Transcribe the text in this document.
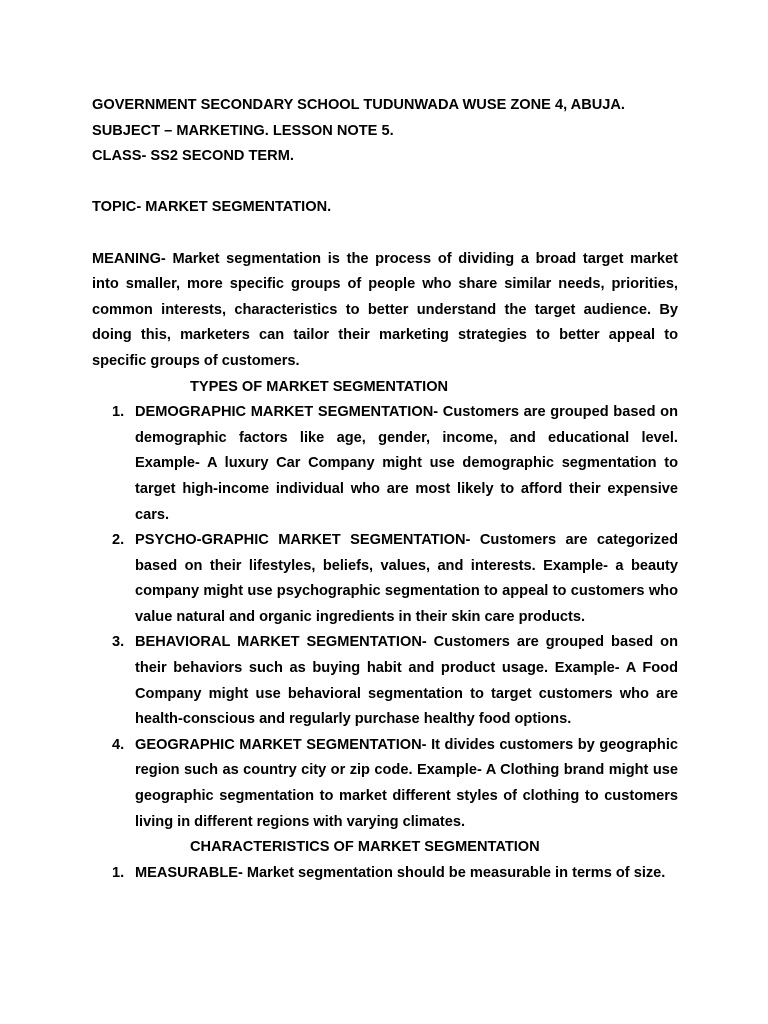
GOVERNMENT SECONDARY SCHOOL TUDUNWADA WUSE ZONE 4, ABUJA.

SUBJECT – MARKETING. LESSON NOTE 5.

CLASS- SS2 SECOND TERM.

TOPIC- MARKET SEGMENTATION.

MEANING- Market segmentation is the process of dividing a broad target market into smaller, more specific groups of people who share similar needs, priorities, common interests, characteristics to better understand the target audience. By doing this, marketers can tailor their marketing strategies to better appeal to specific groups of customers.

TYPES OF MARKET SEGMENTATION

1. DEMOGRAPHIC MARKET SEGMENTATION- Customers are grouped based on demographic factors like age, gender, income, and educational level. Example- A luxury Car Company might use demographic segmentation to target high-income individual who are most likely to afford their expensive cars.
2. PSYCHO-GRAPHIC MARKET SEGMENTATION- Customers are categorized based on their lifestyles, beliefs, values, and interests. Example- a beauty company might use psychographic segmentation to appeal to customers who value natural and organic ingredients in their skin care products.
3. BEHAVIORAL MARKET SEGMENTATION- Customers are grouped based on their behaviors such as buying habit and product usage. Example- A Food Company might use behavioral segmentation to target customers who are health-conscious and regularly purchase healthy food options.
4. GEOGRAPHIC MARKET SEGMENTATION- It divides customers by geographic region such as country city or zip code. Example- A Clothing brand might use geographic segmentation to market different styles of clothing to customers living in different regions with varying climates.

CHARACTERISTICS OF MARKET SEGMENTATION

1. MEASURABLE- Market segmentation should be measurable in terms of size.
